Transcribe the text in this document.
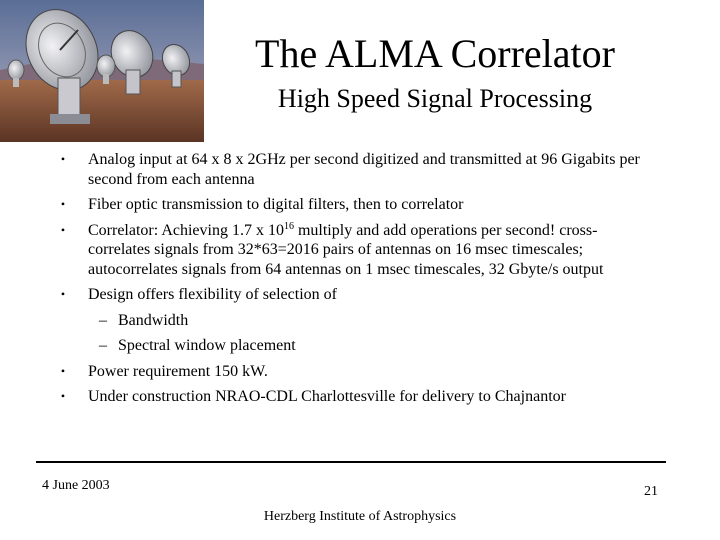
The ALMA Correlator
High Speed Signal Processing
•	Analog input at 64 x 8 x 2GHz per second digitized and transmitted at 96 Gigabits per second from each antenna
•	Fiber optic transmission to digital filters, then to correlator
•	Correlator: Achieving 1.7 x $10^{16}$ multiply and add operations per second! cross-correlates signals from 32*63=2016 pairs of antennas on 16 msec timescales; autocorrelates signals from 64 antennas on 1 msec timescales, 32 Gbyte/s output
•	Design offers flexibility of selection of
– Bandwidth
– Spectral window placement
•	Power requirement 150 kW.
•	Under construction NRAO-CDL Charlottesville for delivery to Chajnantor
4 June 2003	21
Herzberg Institute of Astrophysics
